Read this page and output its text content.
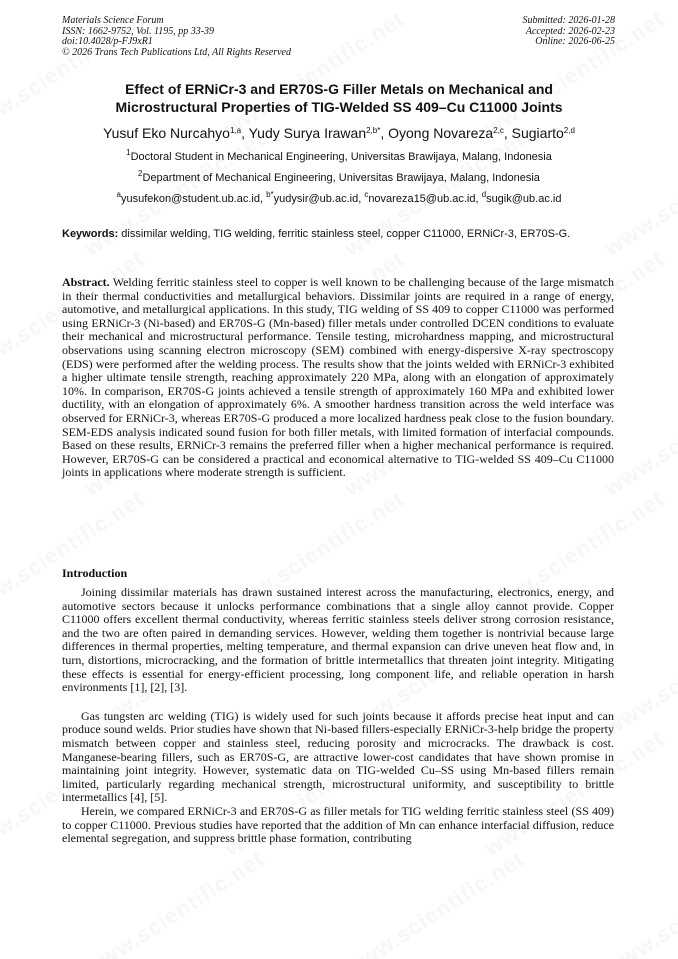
Materials Science Forum
ISSN: 1662-9752, Vol. 1195, pp 33-39
doi:10.4028/p-FJ9xR1
© 2026 Trans Tech Publications Ltd, All Rights Reserved
Submitted: 2026-01-28
Accepted: 2026-02-23
Online: 2026-06-25
Effect of ERNiCr-3 and ER70S-G Filler Metals on Mechanical and
Microstructural Properties of TIG-Welded SS 409–Cu C11000 Joints
Yusuf Eko Nurcahyo$^{1,a}$, Yudy Surya Irawan$^{2,b*}$, Oyong Novareza$^{2,c}$, Sugiarto$^{2,d}$
$^1$Doctoral Student in Mechanical Engineering, Universitas Brawijaya, Malang, Indonesia
$^2$Department of Mechanical Engineering, Universitas Brawijaya, Malang, Indonesia
$^a$yusufekon@student.ub.ac.id, $^{b*}$yudysir@ub.ac.id, $^c$novareza15@ub.ac.id, $^d$sugik@ub.ac.id
Keywords: dissimilar welding, TIG welding, ferritic stainless steel, copper C11000, ERNiCr-3, ER70S-G.
Abstract. Welding ferritic stainless steel to copper is well known to be challenging because of the large mismatch in their thermal conductivities and metallurgical behaviors. Dissimilar joints are required in a range of energy, automotive, and metallurgical applications. In this study, TIG welding of SS 409 to copper C11000 was performed using ERNiCr-3 (Ni-based) and ER70S-G (Mn-based) filler metals under controlled DCEN conditions to evaluate their mechanical and microstructural performance. Tensile testing, microhardness mapping, and microstructural observations using scanning electron microscopy (SEM) combined with energy-dispersive X-ray spectroscopy (EDS) were performed after the welding process. The results show that the joints welded with ERNiCr-3 exhibited a higher ultimate tensile strength, reaching approximately 220 MPa, along with an elongation of approximately 10%. In comparison, ER70S-G joints achieved a tensile strength of approximately 160 MPa and exhibited lower ductility, with an elongation of approximately 6%. A smoother hardness transition across the weld interface was observed for ERNiCr-3, whereas ER70S-G produced a more localized hardness peak close to the fusion boundary. SEM-EDS analysis indicated sound fusion for both filler metals, with limited formation of interfacial compounds. Based on these results, ERNiCr-3 remains the preferred filler when a higher mechanical performance is required. However, ER70S-G can be considered a practical and economical alternative to TIG-welded SS 409–Cu C11000 joints in applications where moderate strength is sufficient.
Introduction

Joining dissimilar materials has drawn sustained interest across the manufacturing, electronics, energy, and automotive sectors because it unlocks performance combinations that a single alloy cannot provide. Copper C11000 offers excellent thermal conductivity, whereas ferritic stainless steels deliver strong corrosion resistance, and the two are often paired in demanding services. However, welding them together is nontrivial because large differences in thermal properties, melting temperature, and thermal expansion can drive uneven heat flow and, in turn, distortions, microcracking, and the formation of brittle intermetallics that threaten joint integrity. Mitigating these effects is essential for energy-efficient processing, long component life, and reliable operation in harsh environments [1], [2], [3].

Gas tungsten arc welding (TIG) is widely used for such joints because it affords precise heat input and can produce sound welds. Prior studies have shown that Ni-based fillers-especially ERNiCr-3-help bridge the property mismatch between copper and stainless steel, reducing porosity and microcracks. The drawback is cost. Manganese-bearing fillers, such as ER70S-G, are attractive lower-cost candidates that have shown promise in maintaining joint integrity. However, systematic data on TIG-welded Cu–SS using Mn-based fillers remain limited, particularly regarding mechanical strength, microstructural uniformity, and susceptibility to brittle intermetallics [4], [5].

Herein, we compared ERNiCr-3 and ER70S-G as filler metals for TIG welding ferritic stainless steel (SS 409) to copper C11000. Previous studies have reported that the addition of Mn can enhance interfacial diffusion, reduce elemental segregation, and suppress brittle phase formation, contributing
